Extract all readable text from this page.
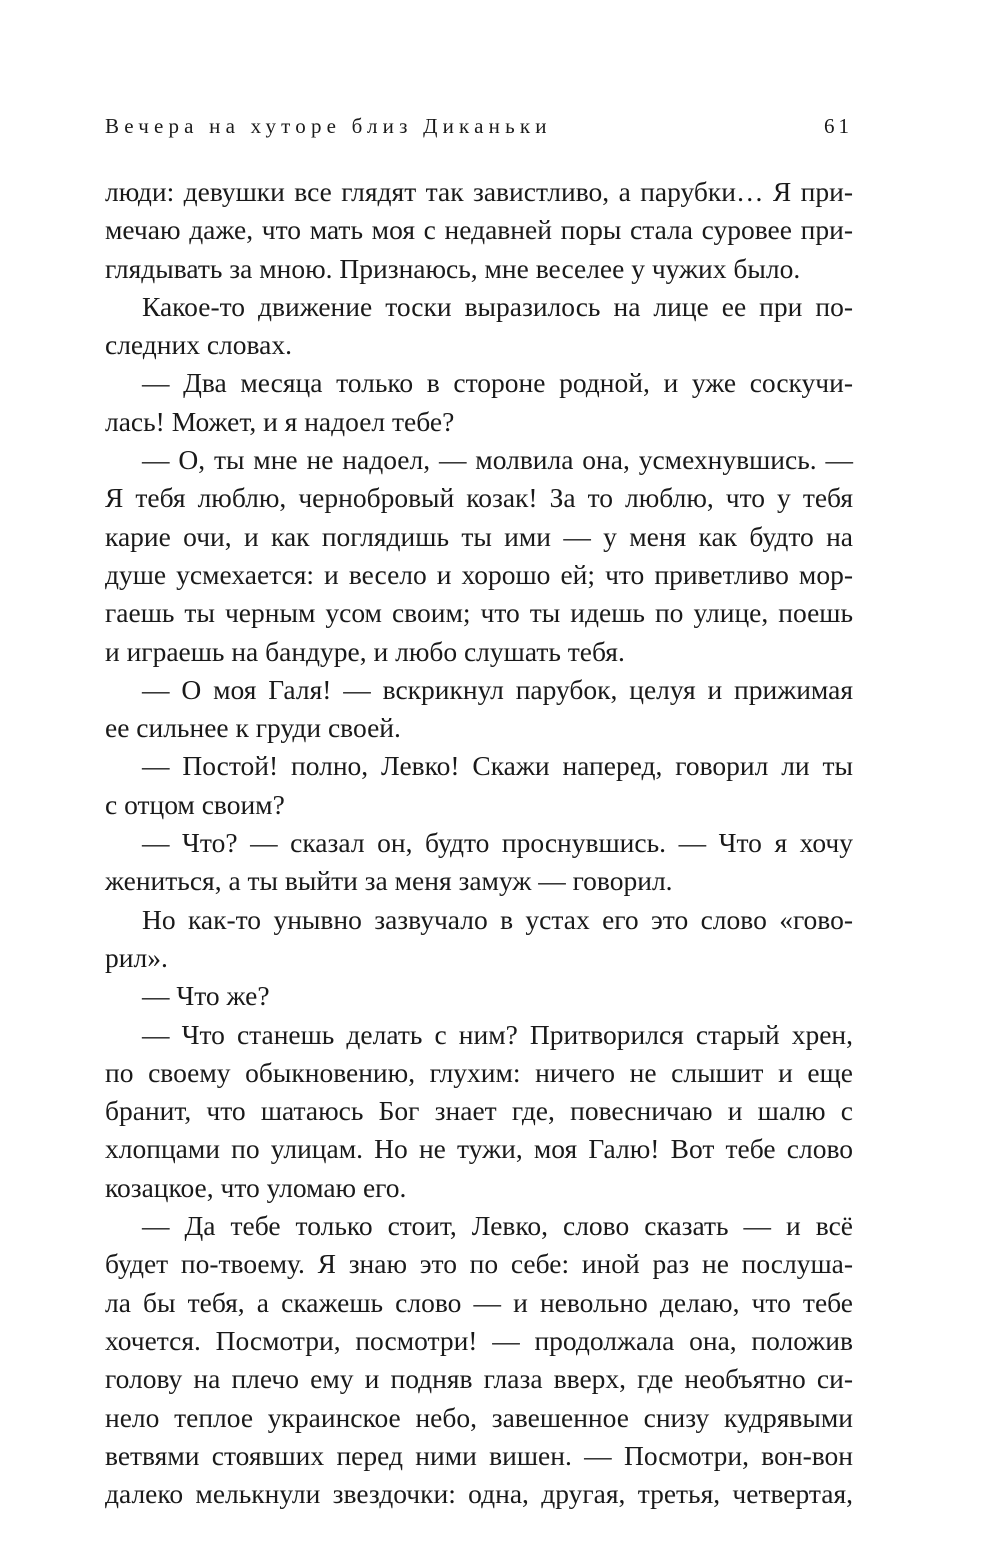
Вечера на хуторе близ Диканьки	61
люди: девушки все глядят так завистливо, а парубки… Я при-
мечаю даже, что мать моя с недавней поры стала суровее при-
глядывать за мною. Признаюсь, мне веселее у чужих было.
Какое-то движение тоски выразилось на лице ее при по-
следних словах.
— Два месяца только в стороне родной, и уже соскучи-
лась! Может, и я надоел тебе?
— О, ты мне не надоел, — молвила она, усмехнувшись. —
Я тебя люблю, чернобровый козак! За то люблю, что у тебя
карие очи, и как поглядишь ты ими — у меня как будто на
душе усмехается: и весело и хорошо ей; что приветливо мор-
гаешь ты черным усом своим; что ты идешь по улице, поешь
и играешь на бандуре, и любо слушать тебя.
— О моя Галя! — вскрикнул парубок, целуя и прижимая
ее сильнее к груди своей.
— Постой! полно, Левко! Скажи наперед, говорил ли ты
с отцом своим?
— Что? — сказал он, будто проснувшись. — Что я хочу
жениться, а ты выйти за меня замуж — говорил.
Но как-то унывно зазвучало в устах его это слово «гово-
рил».
— Что же?
— Что станешь делать с ним? Притворился старый хрен,
по своему обыкновению, глухим: ничего не слышит и еще
бранит, что шатаюсь Бог знает где, повесничаю и шалю с
хлопцами по улицам. Но не тужи, моя Галю! Вот тебе слово
козацкое, что уломаю его.
— Да тебе только стоит, Левко, слово сказать — и всё
будет по-твоему. Я знаю это по себе: иной раз не послуша-
ла бы тебя, а скажешь слово — и невольно делаю, что тебе
хочется. Посмотри, посмотри! — продолжала она, положив
голову на плечо ему и подняв глаза вверх, где необъятно си-
нело теплое украинское небо, завешенное снизу кудрявыми
ветвями стоявших перед ними вишен. — Посмотри, вон-вон
далеко мелькнули звездочки: одна, другая, третья, четвертая,
